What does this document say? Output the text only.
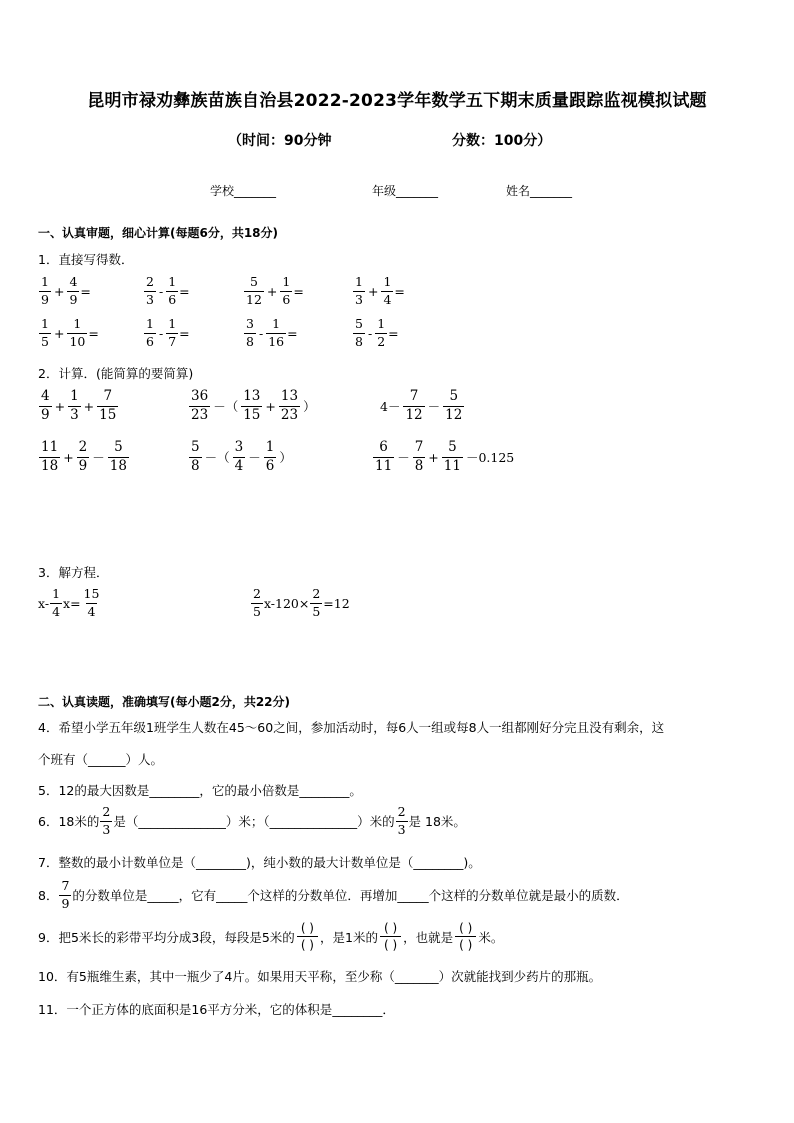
昆明市禄劝彝族苗族自治县2022-2023学年数学五下期末质量跟踪监视模拟试题
（时间：90分钟	分数：100分）
学校_______	年级_______	姓名_______
一、认真审题，细心计算(每题6分，共18分)
1．直接写得数．
$\frac{1}{9} + \frac{4}{9}$ =	$\frac{2}{3} - \frac{1}{6}$ =	$\frac{5}{12} + \frac{1}{6}$ =	$\frac{1}{3} + \frac{1}{4}$ =
$\frac{1}{5} + \frac{1}{10}$ =	$\frac{1}{6} - \frac{1}{7}$ =	$\frac{3}{8} - \frac{1}{16}$ =	$\frac{5}{8} - \frac{1}{2}$ =
2．计算．(能简算的要简算)
$\frac{4}{9} + \frac{1}{3} + \frac{7}{15}$	$\frac{36}{23}$ －（ $\frac{13}{15} + \frac{13}{23}$ ）	$4- \frac{7}{12} - \frac{5}{12}$
$\frac{11}{18} + \frac{2}{9} - \frac{5}{18}$	$\frac{5}{8}$ －（ $\frac{3}{4} - \frac{1}{6}$ ）	$\frac{6}{11} - \frac{7}{8} + \frac{5}{11} -0.125$
3．解方程．
$x- \frac{1}{4} x= \frac{15}{4}$	$\frac{2}{5} x-120\times \frac{2}{5} =12$
二、认真读题，准确填写(每小题2分，共22分)
4．希望小学五年级1班学生人数在45～60之间，参加活动时，每6人一组或每8人一组都刚好分完且没有剩余，这
个班有（______）人。
5．12的最大因数是________，它的最小倍数是________。
6．18米的 $\frac{2}{3}$ 是（______________）米；（______________）米的 $\frac{2}{3}$ 是 18米。
7．整数的最小计数单位是（________)，纯小数的最大计数单位是（________)。
8． $\frac{7}{9}$ 的分数单位是_____，它有_____个这样的分数单位．再增加_____个这样的分数单位就是最小的质数．
9．把5米长的彩带平均分成3段，每段是5米的
( )
( )
，是1米的
( )
( )
，也就是
( )
( )
米。
10．有5瓶维生素，其中一瓶少了4片。如果用天平称，至少称（_______）次就能找到少药片的那瓶。
11．一个正方体的底面积是16平方分米，它的体积是________．
